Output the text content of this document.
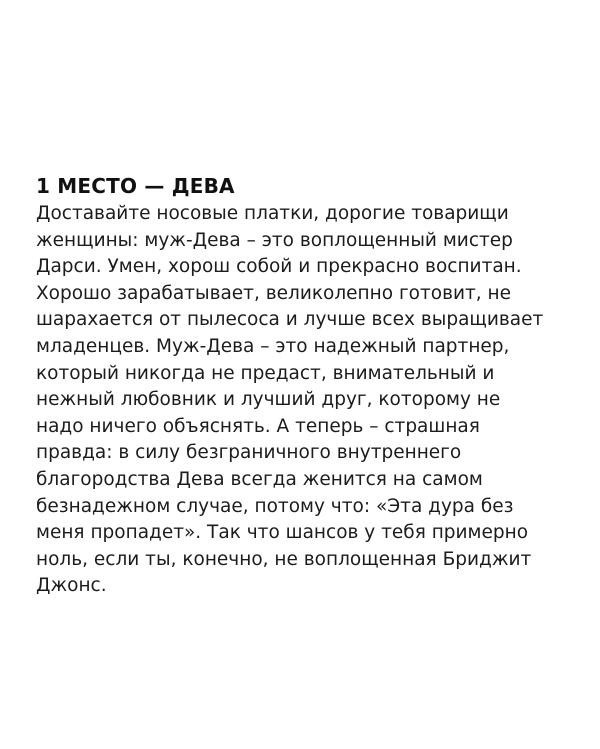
1 МЕСТО — ДЕВА
Доставайте носовые платки, дорогие товарищи
женщины: муж-Дева – это воплощенный мистер
Дарси. Умен, хорош собой и прекрасно воспитан.
Хорошо зарабатывает, великолепно готовит, не
шарахается от пылесоса и лучше всех выращивает
младенцев. Муж-Дева – это надежный партнер,
который никогда не предаст, внимательный и
нежный любовник и лучший друг, которому не
надо ничего объяснять. А теперь – страшная
правда: в силу безграничного внутреннего
благородства Дева всегда женится на самом
безнадежном случае, потому что: «Эта дура без
меня пропадет». Так что шансов у тебя примерно
ноль, если ты, конечно, не воплощенная Бриджит
Джонс.
